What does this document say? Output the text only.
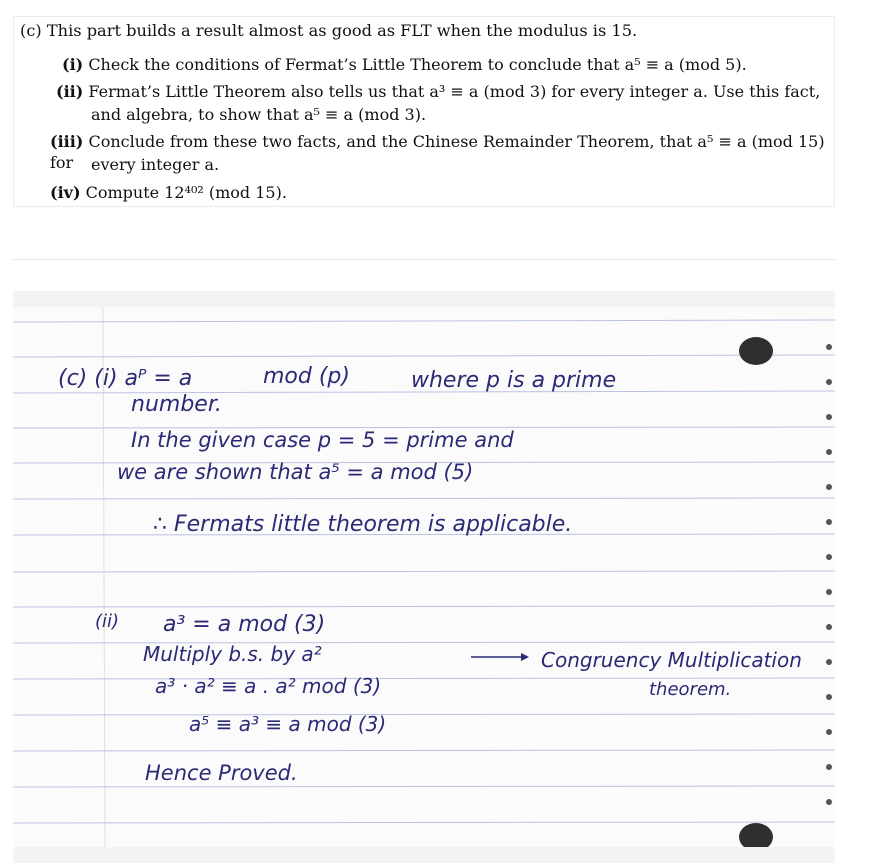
(c) This part builds a result almost as good as FLT when the modulus is 15.
(i) Check the conditions of Fermat’s Little Theorem to conclude that a⁵ ≡ a (mod 5).
(ii) Fermat’s Little Theorem also tells us that a³ ≡ a (mod 3) for every integer a. Use this fact,
and algebra, to show that a⁵ ≡ a (mod 3).
(iii) Conclude from these two facts, and the Chinese Remainder Theorem, that a⁵ ≡ a (mod 15) for	every integer a.
(iv) Compute 12⁴⁰² (mod 15).
(c) (i) aᴾ = a	mod (p)	where p is a prime
number.
In the given case p = 5 = prime and
we are shown that a⁵ = a mod (5)
∴ Fermats little theorem is applicable.
(ii) a³ = a mod (3)
Multiply b.s. by a²	Congruency Multiplication
theorem.
a³ · a² ≡ a . a² mod (3)
a⁵ ≡ a³ ≡ a mod (3)
Hence Proved.
